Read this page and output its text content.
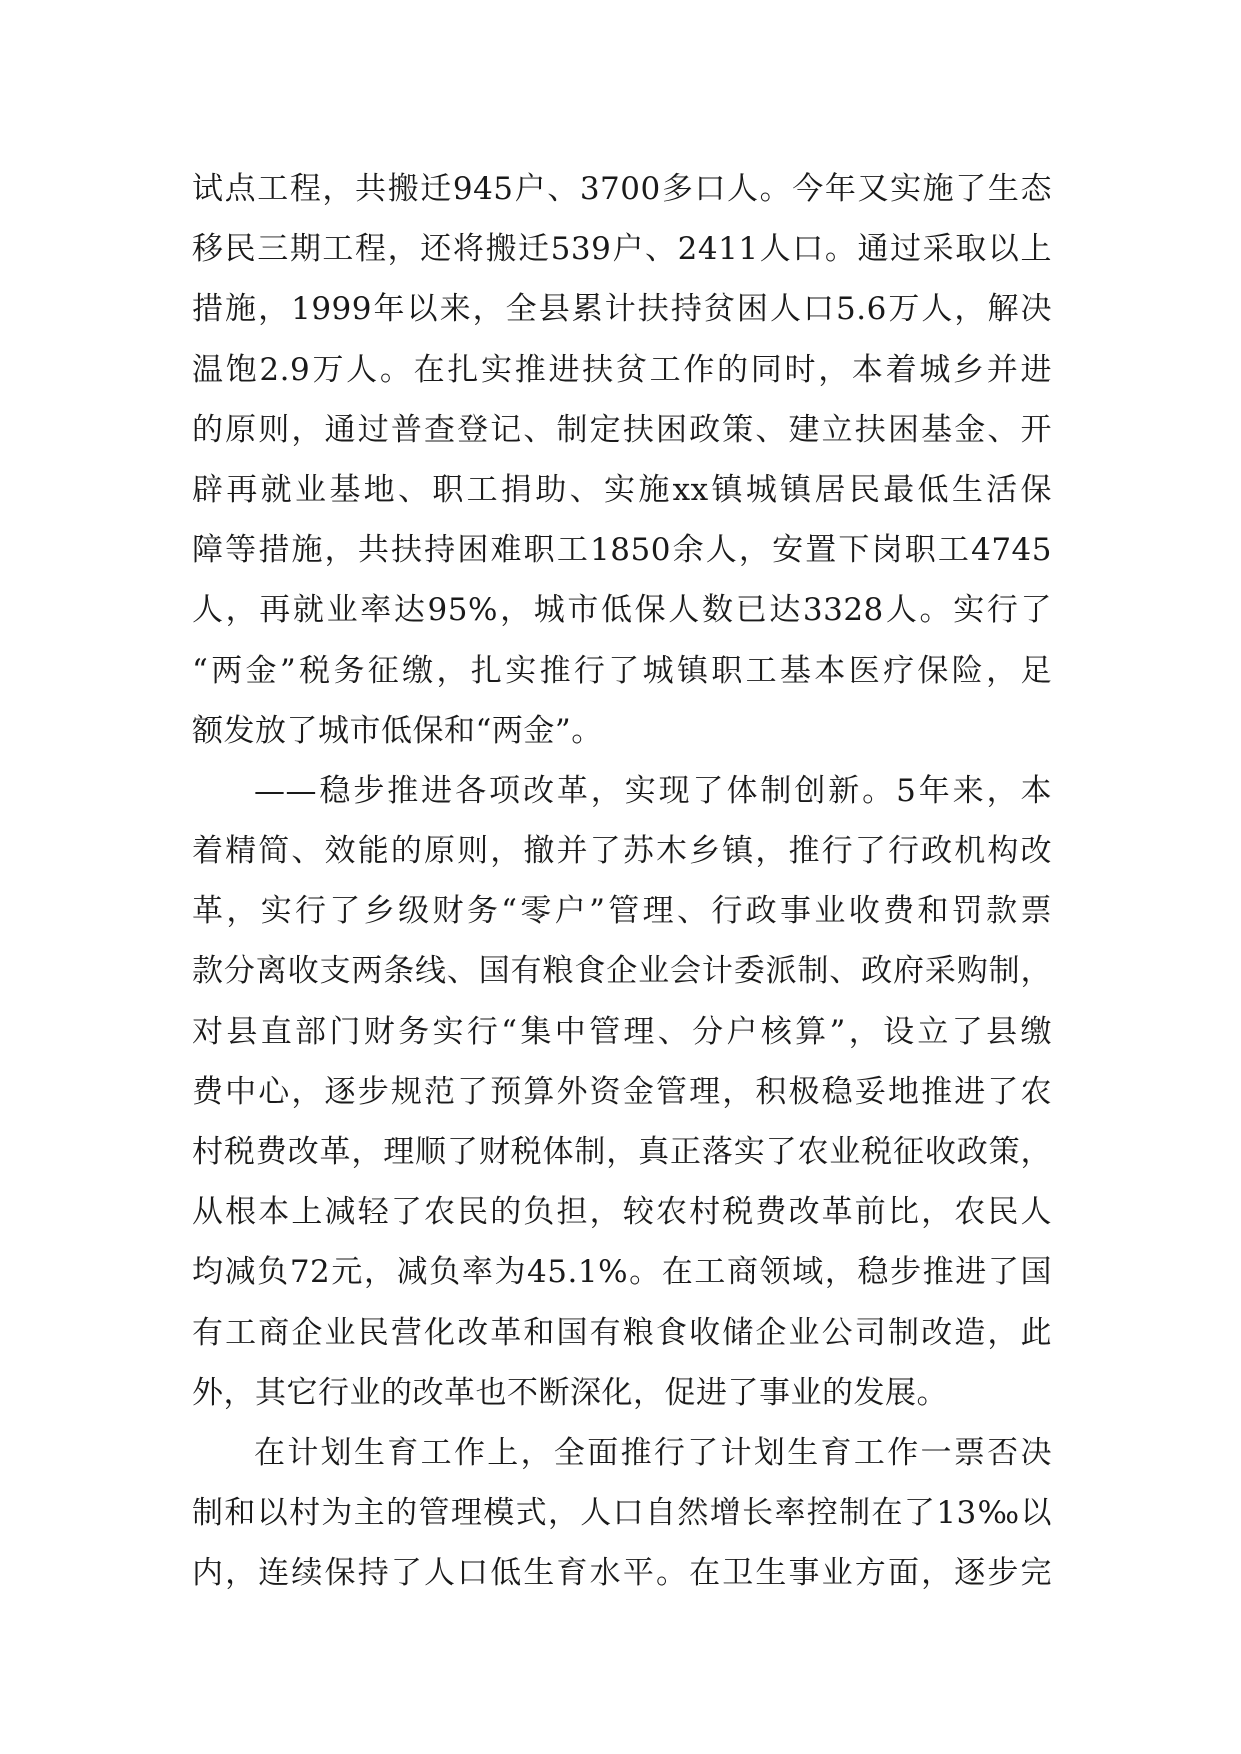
试点工程，共搬迁945户、3700多口人。今年又实施了生态
移民三期工程，还将搬迁539户、2411人口。通过采取以上
措施，1999年以来，全县累计扶持贫困人口5.6万人，解决
温饱2.9万人。在扎实推进扶贫工作的同时，本着城乡并进
的原则，通过普查登记、制定扶困政策、建立扶困基金、开
辟再就业基地、职工捐助、实施xx镇城镇居民最低生活保
障等措施，共扶持困难职工1850余人，安置下岗职工4745
人，再就业率达95%，城市低保人数已达3328人。实行了
“两金”税务征缴，扎实推行了城镇职工基本医疗保险，足
额发放了城市低保和“两金”。
——稳步推进各项改革，实现了体制创新。5年来，本
着精简、效能的原则，撤并了苏木乡镇，推行了行政机构改
革，实行了乡级财务“零户”管理、行政事业收费和罚款票
款分离收支两条线、国有粮食企业会计委派制、政府采购制，
对县直部门财务实行“集中管理、分户核算”，设立了县缴
费中心，逐步规范了预算外资金管理，积极稳妥地推进了农
村税费改革，理顺了财税体制，真正落实了农业税征收政策，
从根本上减轻了农民的负担，较农村税费改革前比，农民人
均减负72元，减负率为45.1%。在工商领域，稳步推进了国
有工商企业民营化改革和国有粮食收储企业公司制改造，此
外，其它行业的改革也不断深化，促进了事业的发展。
在计划生育工作上，全面推行了计划生育工作一票否决
制和以村为主的管理模式，人口自然增长率控制在了13‰以
内，连续保持了人口低生育水平。在卫生事业方面，逐步完
